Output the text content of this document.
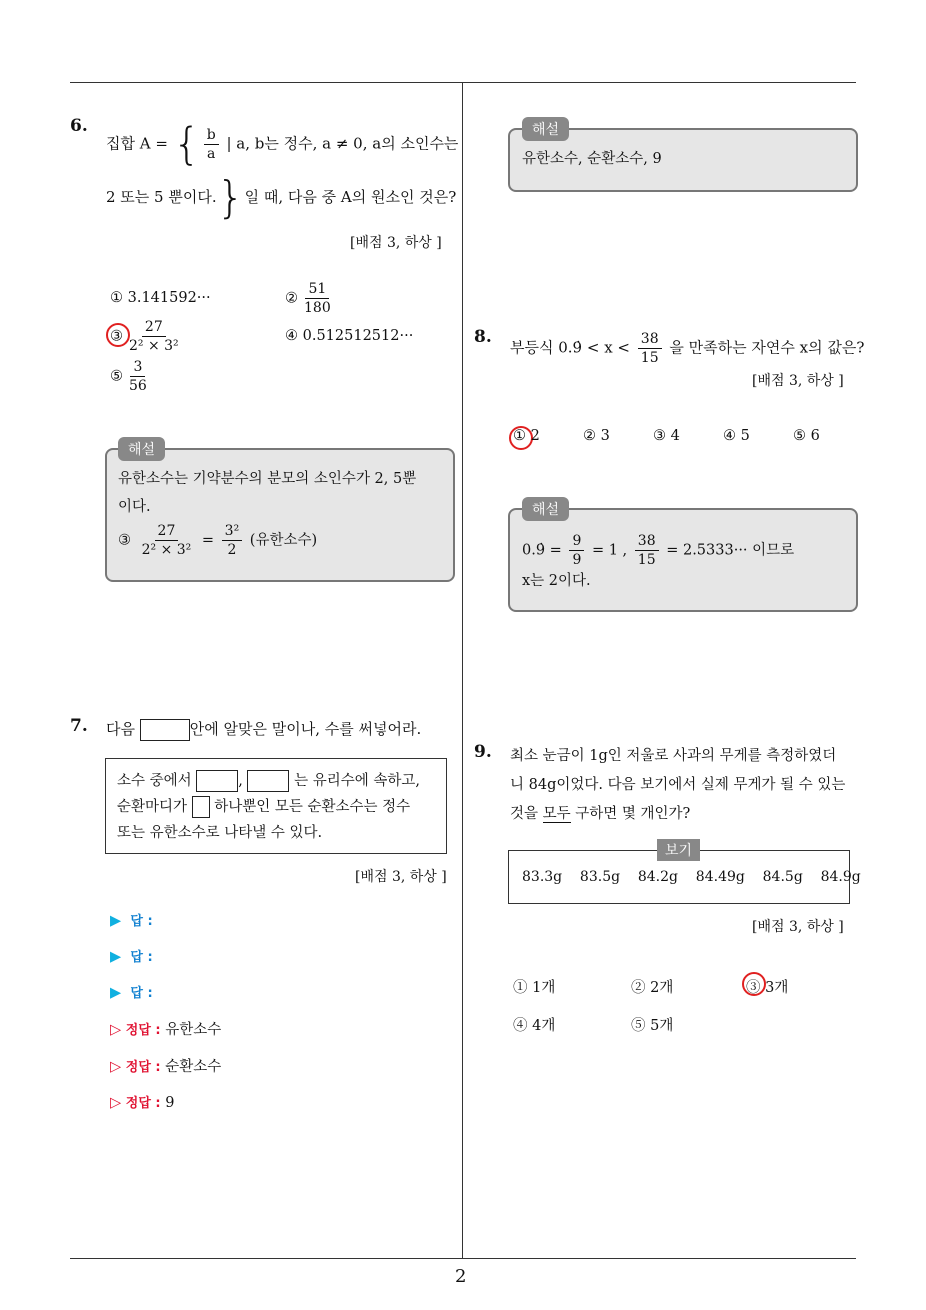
6.
집합 A = { $\frac{b}{a}$ | a, b는 정수, a ≠ 0, a의 소인수는
2 또는 5 뿐이다.}일 때, 다음 중 A의 원소인 것은?
[배점 3, 하상 ]
① 3.141592···	② $\frac{51}{180}$
③ $\frac{27}{\text{2² × 3²}}$	④ 0.512512512···
⑤ $\frac{3}{56}$
해설
유한소수는 기약분수의 분모의 소인수가 2, 5뿐
이다.
③ $\frac{27}{\text{2² × 3²}} = \frac{\text{3²}}{2}$ (유한소수)
7. 다음	안에 알맞은 말이나, 수를 써넣어라.
소수 중에서	,	는 유리수에 속하고,
순환마디가 하나뿐인 모든 순환소수는 정수
또는 유한소수로 나타낼 수 있다.
[배점 3, 하상 ]
▶ 답 :
▶ 답 :
▶ 답 :
▷ 정답 : 유한소수
▷ 정답 : 순환소수
▷ 정답 : 9
해설
유한소수, 순환소수, 9
8.
부등식 0.9̇ < $x < \frac{38}{15}$ 을 만족하는 자연수 x의 값은?
[배점 3, 하상 ]
① 2	② 3	③ 4	④ 5	⑤ 6
해설
0.9̇ = $\frac{9}{9} = 1$ , $\frac{38}{15} = 2.5333\cdot\cdot\cdot$ 이므로
x는 2이다.
9. 최소 눈금이 1g인 저울로 사과의 무게를 측정하였더
니 84g이었다. 다음 보기에서 실제 무게가 될 수 있는
것을 모두 구하면 몇 개인가?
보기
83.3g    83.5g    84.2g    84.49g    84.5g    84.9g
[배점 3, 하상 ]
① 1개	② 2개	③ 3개
④ 4개	⑤ 5개
2
